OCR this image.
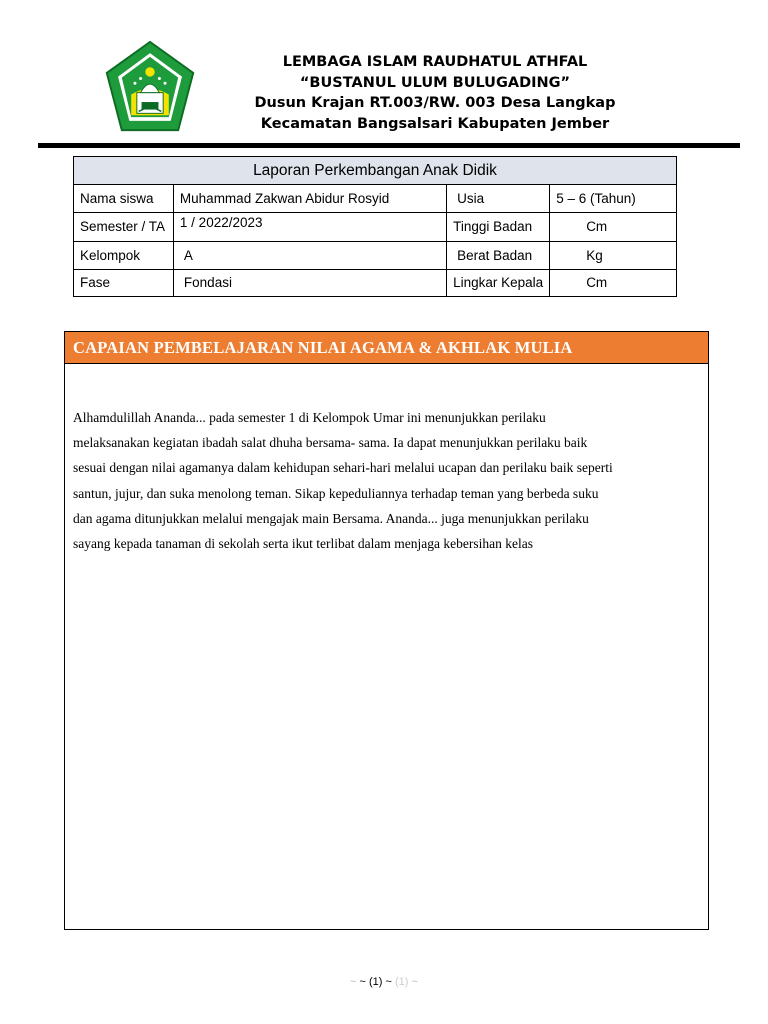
LEMBAGA ISLAM RAUDHATUL ATHFAL
“BUSTANUL ULUM BULUGADING”
Dusun Krajan RT.003/RW. 003 Desa Langkap
Kecamatan Bangsalsari Kabupaten Jember
Laporan Perkembangan Anak Didik			
Nama siswa	Muhammad Zakwan Abidur Rosyid	Usia	5 – 6 (Tahun)
Semester / TA	1 / 2022/2023	Tinggi Badan	Cm
Kelompok	A	Berat Badan	Kg
Fase	Fondasi	Lingkar Kepala	Cm
CAPAIAN PEMBELAJARAN NILAI AGAMA & AKHLAK MULIA
Alhamdulillah Ananda... pada semester 1 di Kelompok Umar ini menunjukkan perilaku
melaksanakan kegiatan ibadah salat dhuha bersama- sama. Ia dapat menunjukkan perilaku baik
sesuai dengan nilai agamanya dalam kehidupan sehari-hari melalui ucapan dan perilaku baik seperti
santun, jujur, dan suka menolong teman. Sikap kepeduliannya terhadap teman yang berbeda suku
dan agama ditunjukkan melalui mengajak main Bersama. Ananda... juga menunjukkan perilaku
sayang kepada tanaman di sekolah serta ikut terlibat dalam menjaga kebersihan kelas
~ ~ (1) ~ (1) ~
